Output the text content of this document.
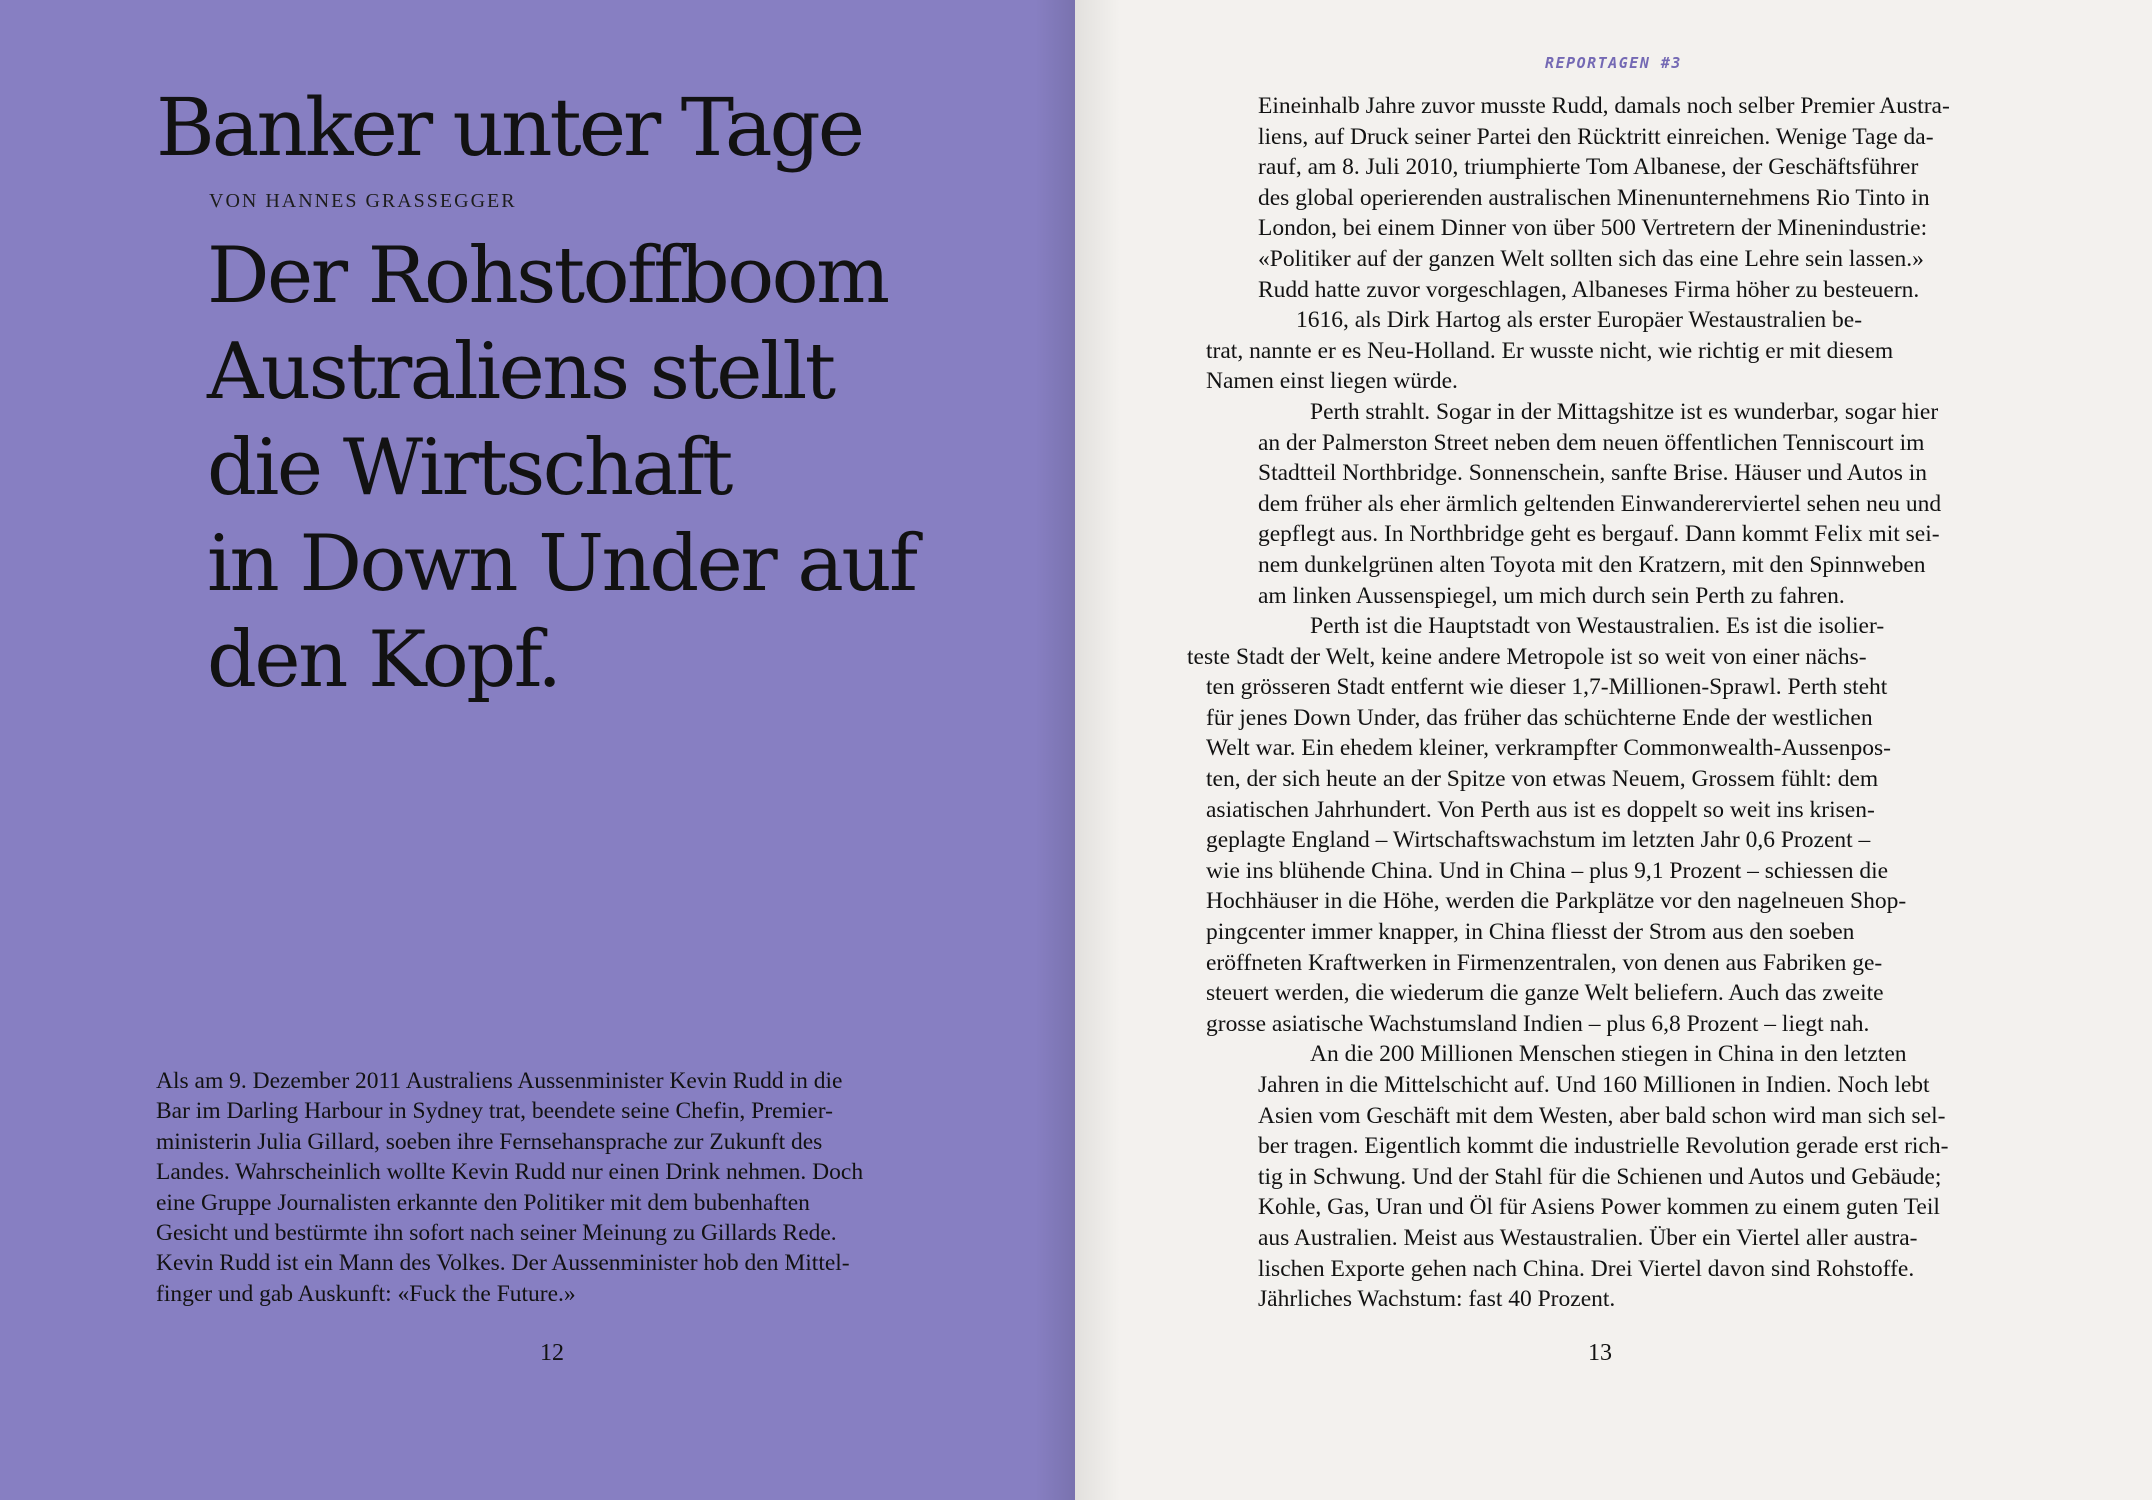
Banker unter Tage
VON HANNES GRASSEGGER
Der Rohstoffboom
Australiens stellt
die Wirtschaft
in Down Under auf
den Kopf.
Als am 9. Dezember 2011 Australiens Aussenminister Kevin Rudd in die
Bar im Darling Harbour in Sydney trat, beendete seine Chefin, Premier-
ministerin Julia Gillard, soeben ihre Fernsehansprache zur Zukunft des
Landes. Wahrscheinlich wollte Kevin Rudd nur einen Drink nehmen. Doch
eine Gruppe Journalisten erkannte den Politiker mit dem bubenhaften
Gesicht und bestürmte ihn sofort nach seiner Meinung zu Gillards Rede.
Kevin Rudd ist ein Mann des Volkes. Der Aussenminister hob den Mittel-
finger und gab Auskunft: «Fuck the Future.»
12
REPORTAGEN #3
Eineinhalb Jahre zuvor musste Rudd, damals noch selber Premier Austra-
liens, auf Druck seiner Partei den Rücktritt einreichen. Wenige Tage da-
rauf, am 8. Juli 2010, triumphierte Tom Albanese, der Geschäftsführer
des global operierenden australischen Minenunternehmens Rio Tinto in
London, bei einem Dinner von über 500 Vertretern der Minenindustrie:
«Politiker auf der ganzen Welt sollten sich das eine Lehre sein lassen.»
Rudd hatte zuvor vorgeschlagen, Albaneses Firma höher zu besteuern.
1616, als Dirk Hartog als erster Europäer Westaustralien be-
trat, nannte er es Neu-Holland. Er wusste nicht, wie richtig er mit diesem
Namen einst liegen würde.
Perth strahlt. Sogar in der Mittagshitze ist es wunderbar, sogar hier
an der Palmerston Street neben dem neuen öffentlichen Tenniscourt im
Stadtteil Northbridge. Sonnenschein, sanfte Brise. Häuser und Autos in
dem früher als eher ärmlich geltenden Einwandererviertel sehen neu und
gepflegt aus. In Northbridge geht es bergauf. Dann kommt Felix mit sei-
nem dunkelgrünen alten Toyota mit den Kratzern, mit den Spinnweben
am linken Aussenspiegel, um mich durch sein Perth zu fahren.
Perth ist die Hauptstadt von Westaustralien. Es ist die isolier-
teste Stadt der Welt, keine andere Metropole ist so weit von einer nächs-
ten grösseren Stadt entfernt wie dieser 1,7-Millionen-Sprawl. Perth steht
für jenes Down Under, das früher das schüchterne Ende der westlichen
Welt war. Ein ehedem kleiner, verkrampfter Commonwealth-Aussenpos-
ten, der sich heute an der Spitze von etwas Neuem, Grossem fühlt: dem
asiatischen Jahrhundert. Von Perth aus ist es doppelt so weit ins krisen-
geplagte England – Wirtschaftswachstum im letzten Jahr 0,6 Prozent –
wie ins blühende China. Und in China – plus 9,1 Prozent – schiessen die
Hochhäuser in die Höhe, werden die Parkplätze vor den nagelneuen Shop-
pingcenter immer knapper, in China fliesst der Strom aus den soeben
eröffneten Kraftwerken in Firmenzentralen, von denen aus Fabriken ge-
steuert werden, die wiederum die ganze Welt beliefern. Auch das zweite
grosse asiatische Wachstumsland Indien – plus 6,8 Prozent – liegt nah.
An die 200 Millionen Menschen stiegen in China in den letzten
Jahren in die Mittelschicht auf. Und 160 Millionen in Indien. Noch lebt
Asien vom Geschäft mit dem Westen, aber bald schon wird man sich sel-
ber tragen. Eigentlich kommt die industrielle Revolution gerade erst rich-
tig in Schwung. Und der Stahl für die Schienen und Autos und Gebäude;
Kohle, Gas, Uran und Öl für Asiens Power kommen zu einem guten Teil
aus Australien. Meist aus Westaustralien. Über ein Viertel aller austra-
lischen Exporte gehen nach China. Drei Viertel davon sind Rohstoffe.
Jährliches Wachstum: fast 40 Prozent.
13
